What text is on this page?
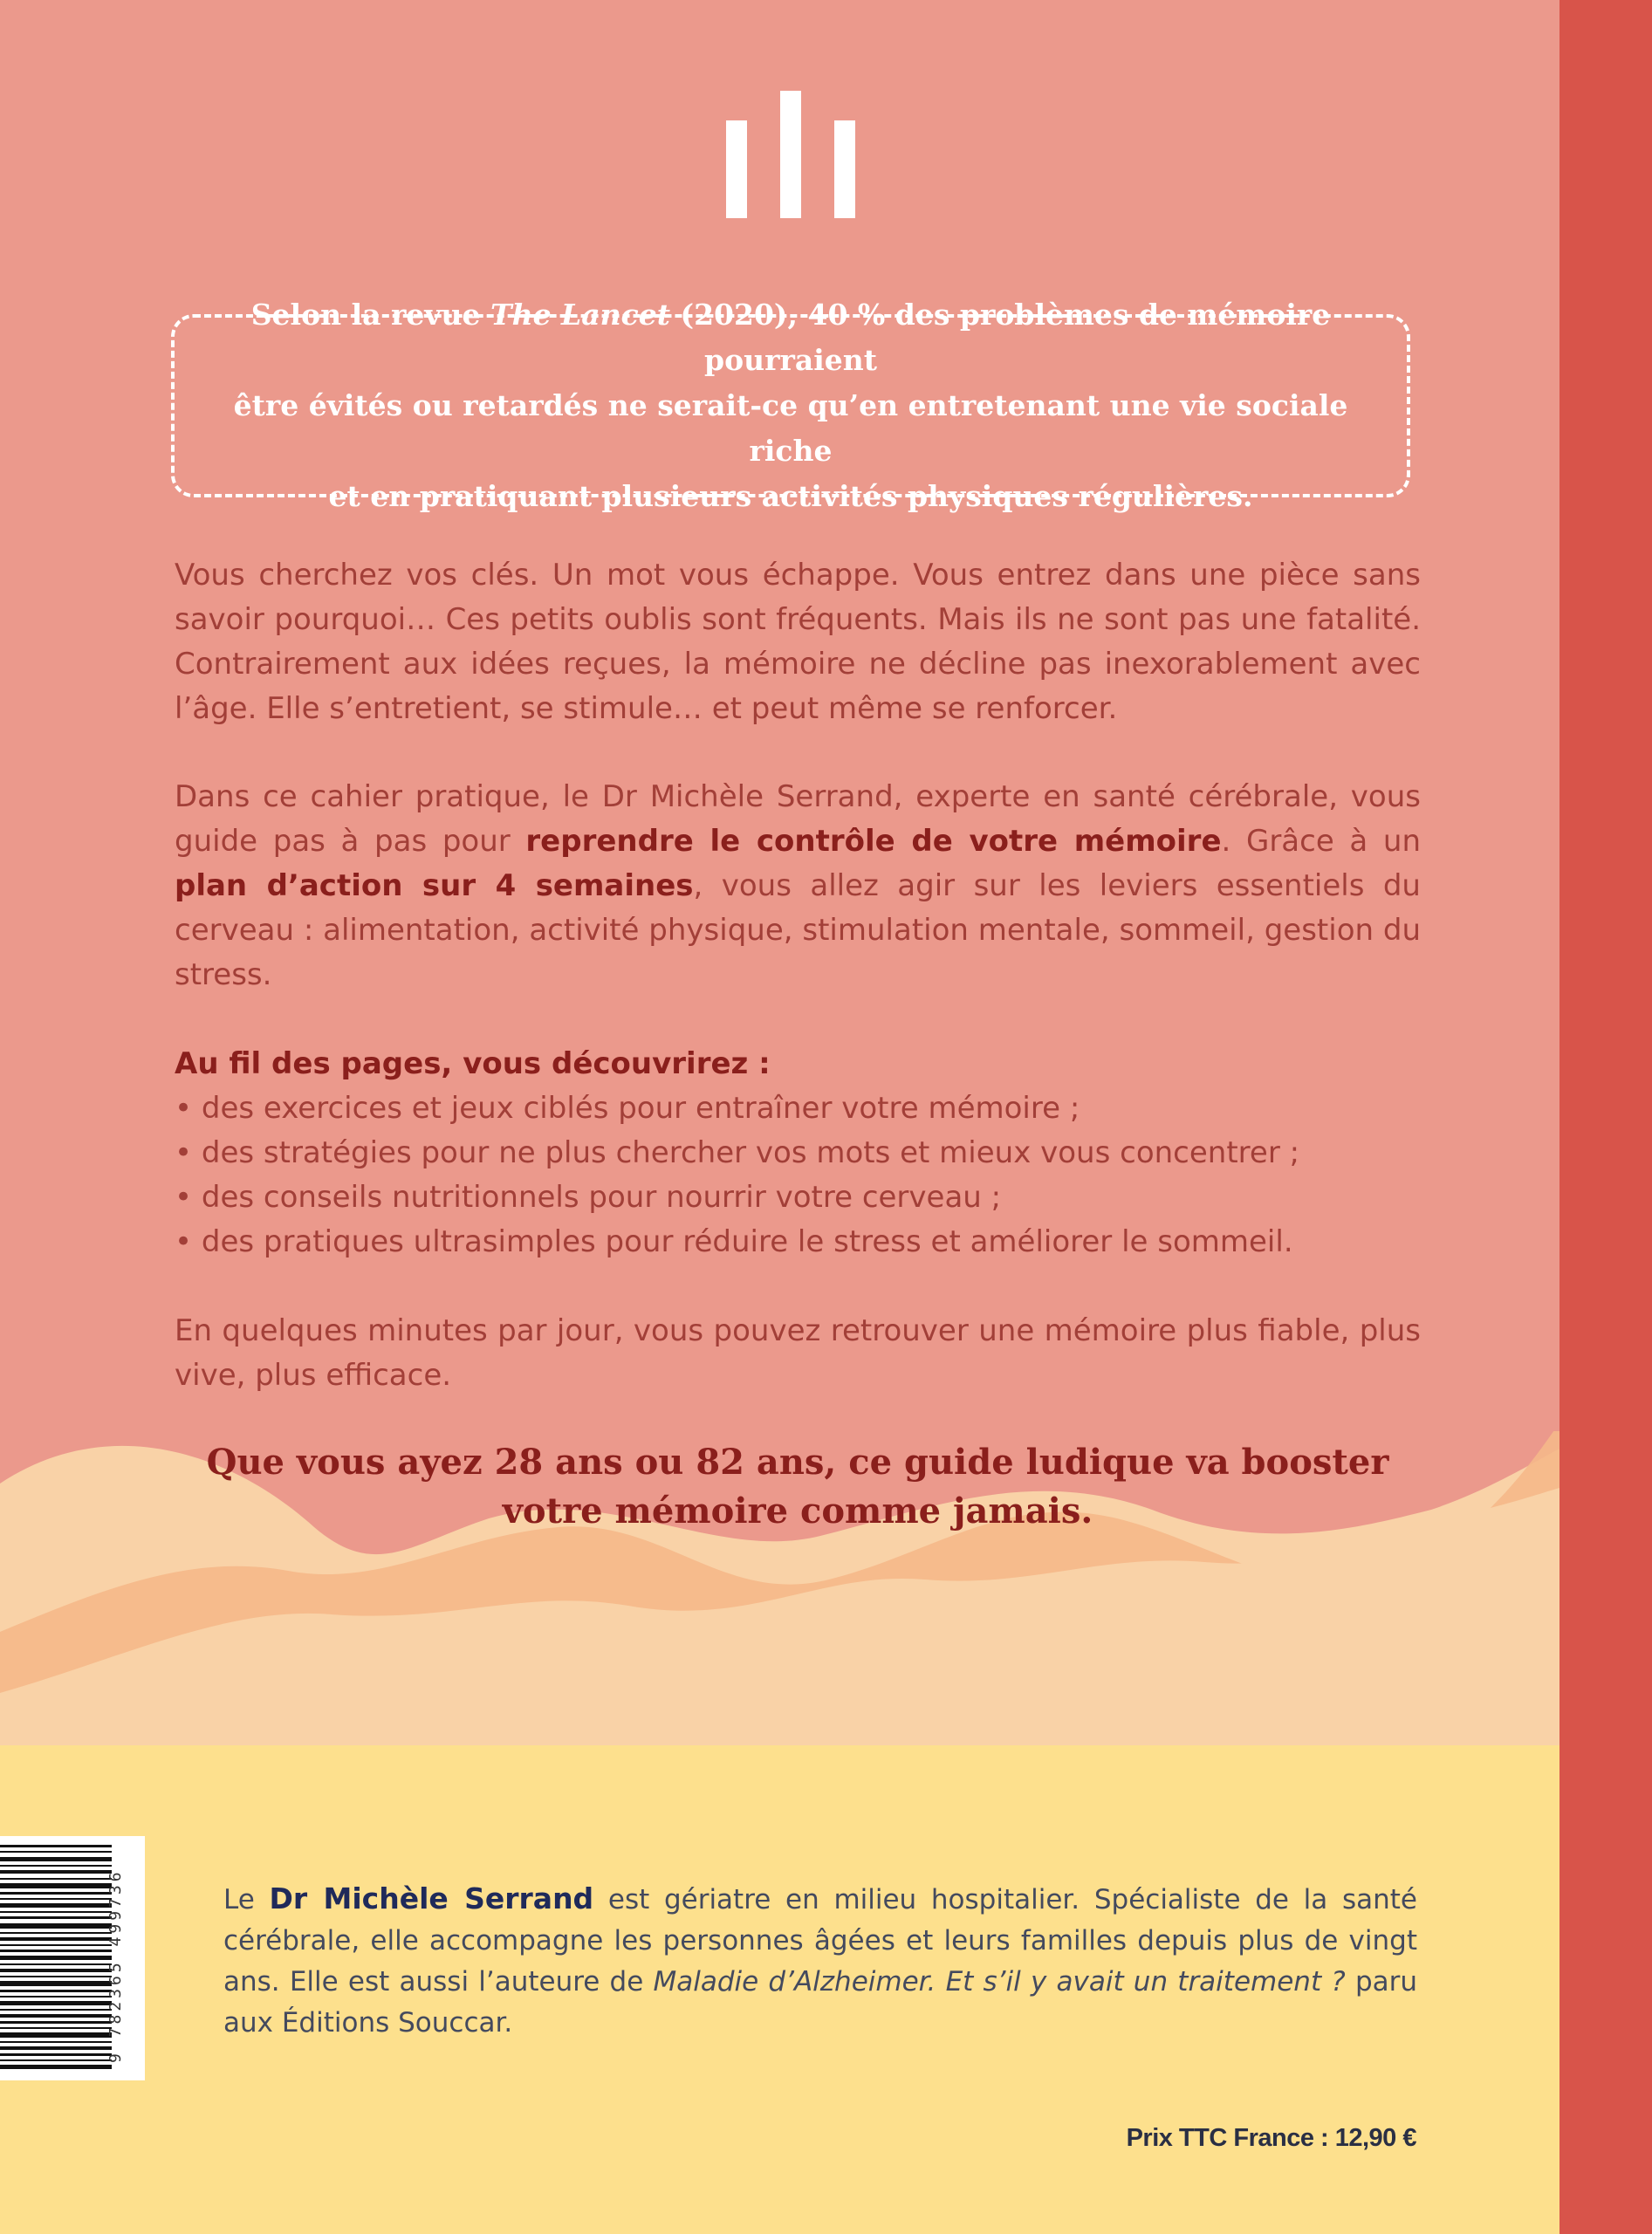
Selon la revue The Lancet (2020), 40 % des problèmes de mémoire pourraient
être évités ou retardés ne serait-ce qu’en entretenant une vie sociale riche
et en pratiquant plusieurs activités physiques régulières.

Vous cherchez vos clés. Un mot vous échappe. Vous entrez dans une pièce sans savoir pourquoi… Ces petits oublis sont fréquents. Mais ils ne sont pas une fatalité. Contrairement aux idées reçues, la mémoire ne décline pas inexorablement avec l’âge. Elle s’entretient, se stimule… et peut même se renforcer.

Dans ce cahier pratique, le Dr Michèle Serrand, experte en santé cérébrale, vous guide pas à pas pour reprendre le contrôle de votre mémoire. Grâce à un plan d’action sur 4 semaines, vous allez agir sur les leviers essentiels du cerveau : alimentation, activité physique, stimulation mentale, sommeil, gestion du stress.

Au fil des pages, vous découvrirez :

• des exercices et jeux ciblés pour entraîner votre mémoire ;
• des stratégies pour ne plus chercher vos mots et mieux vous concentrer ;
• des conseils nutritionnels pour nourrir votre cerveau ;
• des pratiques ultrasimples pour réduire le stress et améliorer le sommeil.

En quelques minutes par jour, vous pouvez retrouver une mémoire plus fiable, plus vive, plus efficace.

Que vous ayez 28 ans ou 82 ans, ce guide ludique va booster
votre mémoire comme jamais.
9 782365 499736	Le Dr Michèle Serrand est gériatre en milieu hospitalier. Spécialiste de la santé cérébrale, elle accompagne les personnes âgées et leurs familles depuis plus de vingt ans. Elle est aussi l’auteure de Maladie d’Alzheimer. Et s’il y avait un traitement ? paru aux Éditions Souccar.
Prix TTC France : 12,90 €
